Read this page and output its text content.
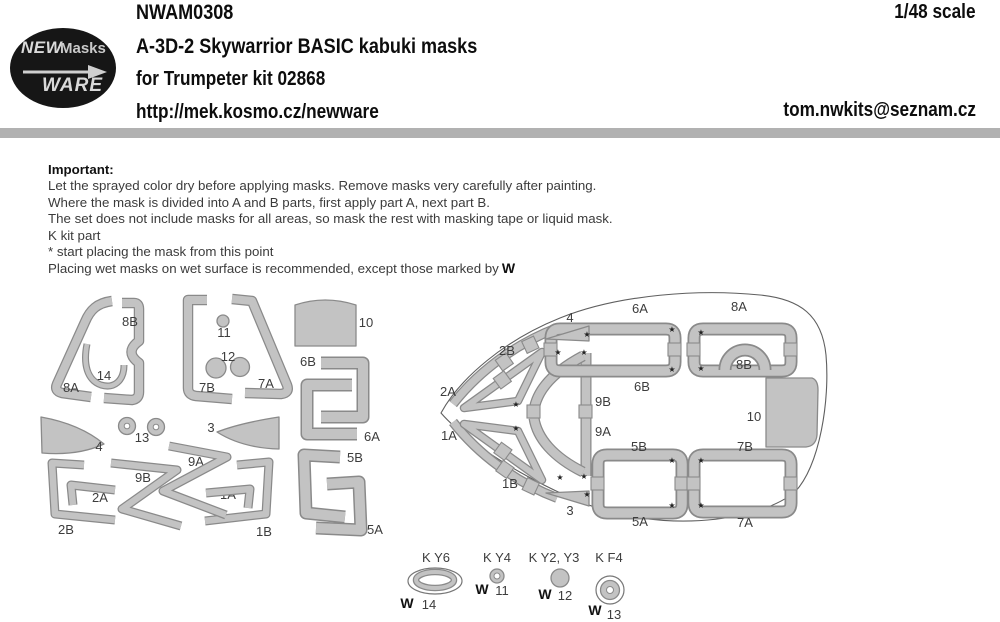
NEW
Masks
WARE
NWAM0308	1/48 scale
A-3D-2 Skywarrior BASIC kabuki masks
for Trumpeter kit 02868
http://mek.kosmo.cz/newware	tom.nwkits@seznam.cz
Important:
Let the sprayed color dry before applying masks. Remove masks very carefully after painting.
Where the mask is divided into A and B parts, first apply part A, next part B.
The set does not include masks for all areas, so mask the rest with masking tape or liquid mask.
K kit part
* start placing the mask from this point
Placing wet masks on wet surface is recommended, except those marked by W
8B
14
8A
11
12
7B	7A
10
6B
6A
4
13
3
9A
9B
2A	1A
5B
2B	1B	5A
★
★ ★
★
★
★
★
★
★
★ ★
★
★
★
★
★
4
2B
2A
1A
6A	8A
6B
8B
9B
9A
10
5B	7B
1B
3
5A	7A
K Y6
W 14
K Y4
W 11
K Y2, Y3
W 12
K F4
W 13
